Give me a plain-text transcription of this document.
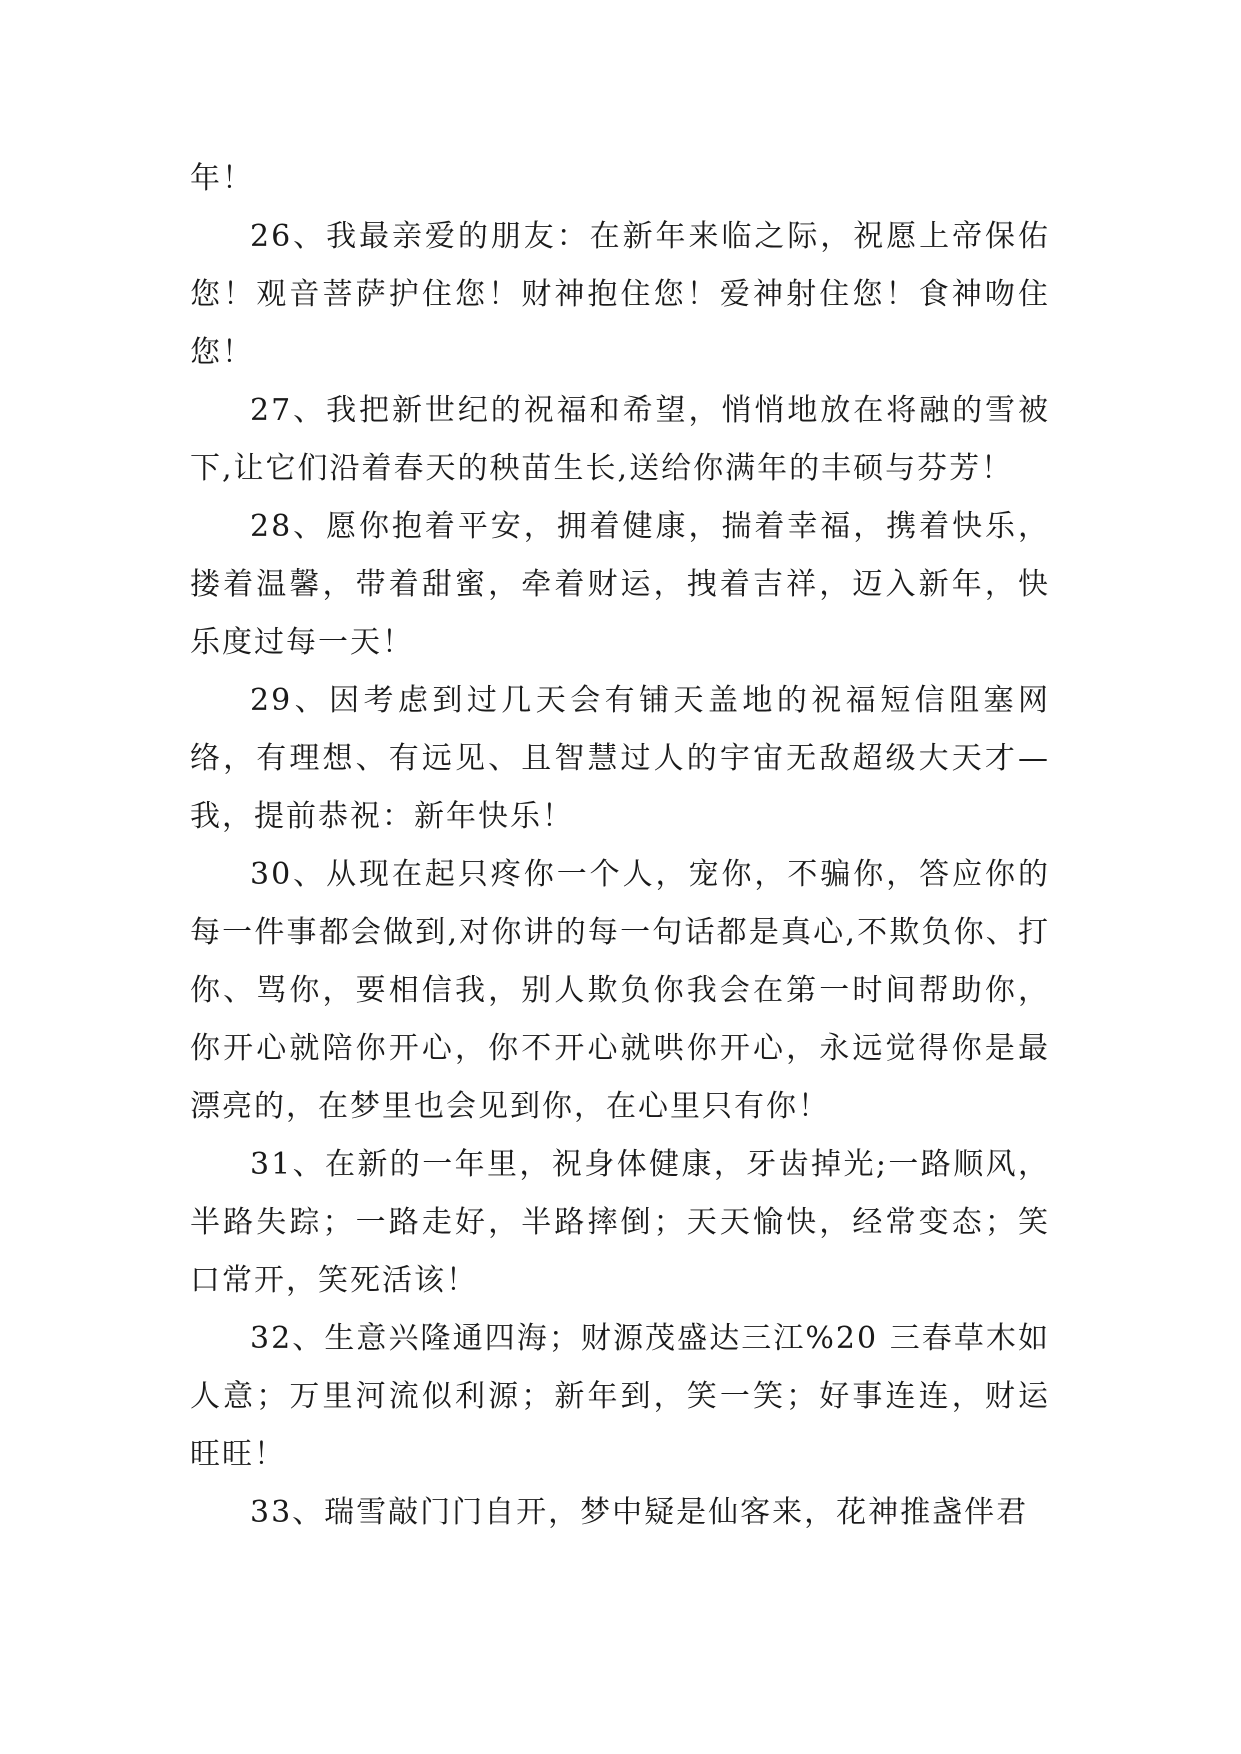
年！

26、我最亲爱的朋友：在新年来临之际，祝愿上帝保佑您！观音菩萨护住您！财神抱住您！爱神射住您！食神吻住您！

27、我把新世纪的祝福和希望，悄悄地放在将融的雪被下,让它们沿着春天的秧苗生长,送给你满年的丰硕与芬芳！

28、愿你抱着平安，拥着健康，揣着幸福，携着快乐，搂着温馨，带着甜蜜，牵着财运，拽着吉祥，迈入新年，快乐度过每一天！

29、因考虑到过几天会有铺天盖地的祝福短信阻塞网络，有理想、有远见、且智慧过人的宇宙无敌超级大天才—我，提前恭祝：新年快乐！

30、从现在起只疼你一个人，宠你，不骗你，答应你的每一件事都会做到,对你讲的每一句话都是真心,不欺负你、打你、骂你，要相信我，别人欺负你我会在第一时间帮助你，你开心就陪你开心，你不开心就哄你开心，永远觉得你是最漂亮的，在梦里也会见到你，在心里只有你！

31、在新的一年里，祝身体健康，牙齿掉光;一路顺风，半路失踪；一路走好，半路摔倒；天天愉快，经常变态；笑口常开，笑死活该！

32、生意兴隆通四海；财源茂盛达三江%20 三春草木如人意；万里河流似利源；新年到，笑一笑；好事连连，财运旺旺！

33、瑞雪敲门门自开，梦中疑是仙客来，花神推盏伴君
